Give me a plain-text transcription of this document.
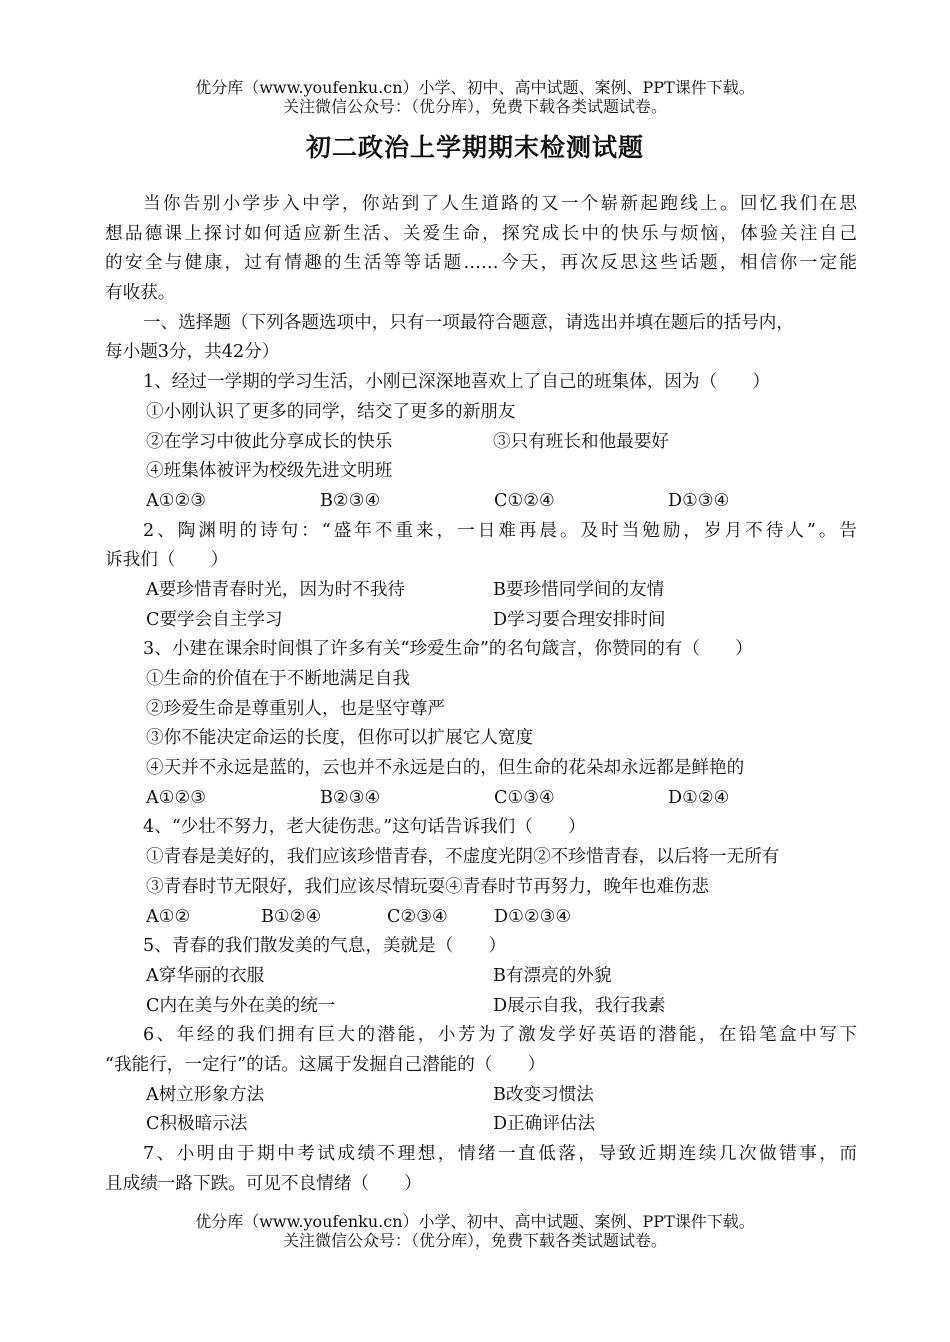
优分库（www.youfenku.cn）小学、初中、高中试题、案例、PPT课件下载。
关注微信公众号：（优分库），免费下载各类试题试卷。
初二政治上学期期末检测试题
当你告别小学步入中学，你站到了人生道路的又一个崭新起跑线上。回忆我们在思
想品德课上探讨如何适应新生活、关爱生命，探究成长中的快乐与烦恼，体验关注自己
的安全与健康，过有情趣的生活等等话题……今天，再次反思这些话题，相信你一定能
有收获。
一、选择题（下列各题选项中，只有一项最符合题意，请选出并填在题后的括号内，
每小题3分，共42分）
1、经过一学期的学习生活，小刚已深深地喜欢上了自己的班集体，因为（　　）
①小刚认识了更多的同学，结交了更多的新朋友
②在学习中彼此分享成长的快乐	③只有班长和他最要好
④班集体被评为校级先进文明班
A①②③	B②③④	C①②④	D①③④
2、陶渊明的诗句：“盛年不重来，一日难再晨。及时当勉励，岁月不待人”。告
诉我们（　　）
A要珍惜青春时光，因为时不我待	B要珍惜同学间的友情
C要学会自主学习	D学习要合理安排时间
3、小建在课余时间惧了许多有关“珍爱生命”的名句箴言，你赞同的有（　　）
①生命的价值在于不断地满足自我
②珍爱生命是尊重别人，也是坚守尊严
③你不能决定命运的长度，但你可以扩展它人宽度
④天并不永远是蓝的，云也并不永远是白的，但生命的花朵却永远都是鲜艳的
A①②③	B②③④	C①③④	D①②④
4、“少壮不努力，老大徒伤悲。”这句话告诉我们（　　）
①青春是美好的，我们应该珍惜青春，不虚度光阴②不珍惜青春，以后将一无所有
③青春时节无限好，我们应该尽情玩耍④青春时节再努力，晚年也难伤悲
A①②	B①②④	C②③④	D①②③④
5、青春的我们散发美的气息，美就是（　　）
A穿华丽的衣服	B有漂亮的外貌
C内在美与外在美的统一	D展示自我，我行我素
6、年经的我们拥有巨大的潜能，小芳为了激发学好英语的潜能，在铅笔盒中写下
“我能行，一定行”的话。这属于发掘自己潜能的（　　）
A树立形象方法	B改变习惯法
C积极暗示法	D正确评估法
7、小明由于期中考试成绩不理想，情绪一直低落，导致近期连续几次做错事，而
且成绩一路下跌。可见不良情绪（　　）
优分库（www.youfenku.cn）小学、初中、高中试题、案例、PPT课件下载。
关注微信公众号：（优分库），免费下载各类试题试卷。
